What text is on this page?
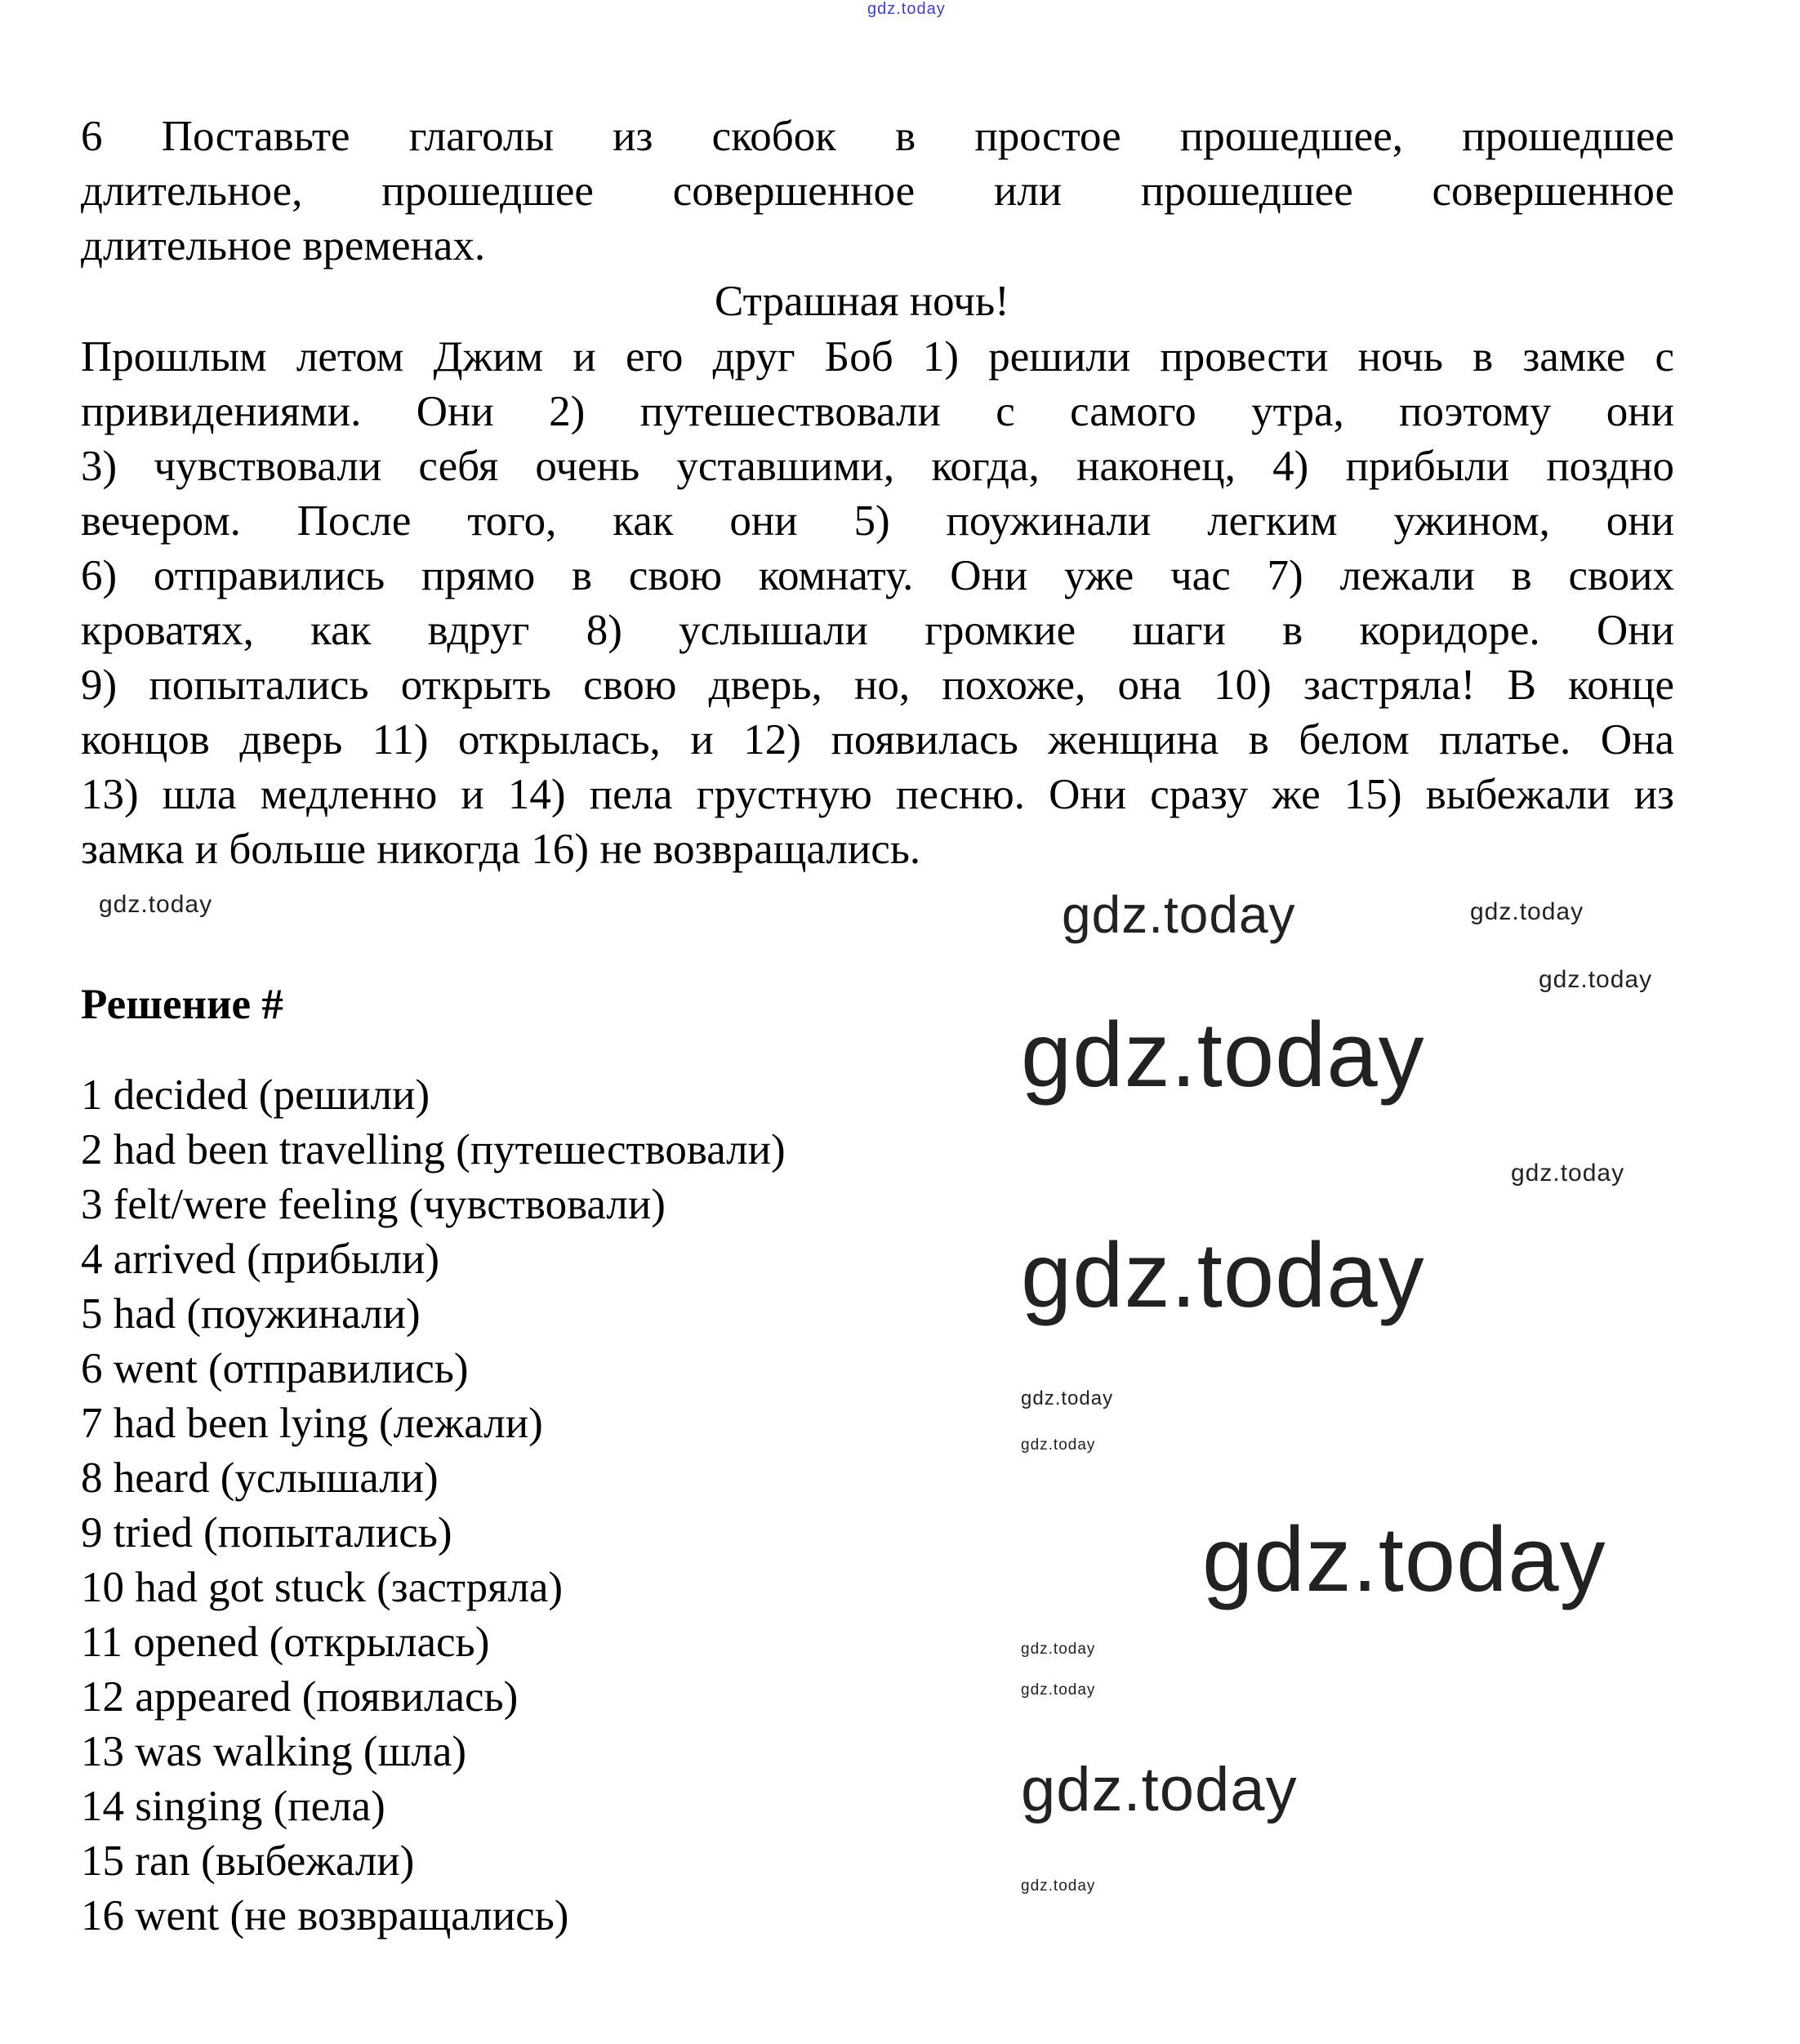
gdz.today
6 Поставьте глаголы из скобок в простое прошедшее, прошедшее
длительное, прошедшее совершенное или прошедшее совершенное
длительное временах.
Страшная ночь!
Прошлым летом Джим и его друг Боб 1) решили провести ночь в замке с
привидениями. Они 2) путешествовали с самого утра, поэтому они
3) чувствовали себя очень уставшими, когда, наконец, 4) прибыли поздно
вечером. После того, как они 5) поужинали легким ужином, они
6) отправились прямо в свою комнату. Они уже час 7) лежали в своих
кроватях, как вдруг 8) услышали громкие шаги в коридоре. Они
9) попытались открыть свою дверь, но, похоже, она 10) застряла! В конце
концов дверь 11) открылась, и 12) появилась женщина в белом платье. Она
13) шла медленно и 14) пела грустную песню. Они сразу же 15) выбежали из
замка и больше никогда 16) не возвращались.
Решение #
1 decided (решили)
2 had been travelling (путешествовали)
3 felt/were feeling (чувствовали)
4 arrived (прибыли)
5 had (поужинали)
6 went (отправились)
7 had been lying (лежали)
8 heard (услышали)
9 tried (попытались)
10 had got stuck (застряла)
11 opened (открылась)
12 appeared (появилась)
13 was walking (шла)
14 singing (пела)
15 ran (выбежали)
16 went (не возвращались)
gdz.today	gdz.today	gdz.today
gdz.today
gdz.today
gdz.today
gdz.today
gdz.today
gdz.today
gdz.today
gdz.today
gdz.today
gdz.today
gdz.today
